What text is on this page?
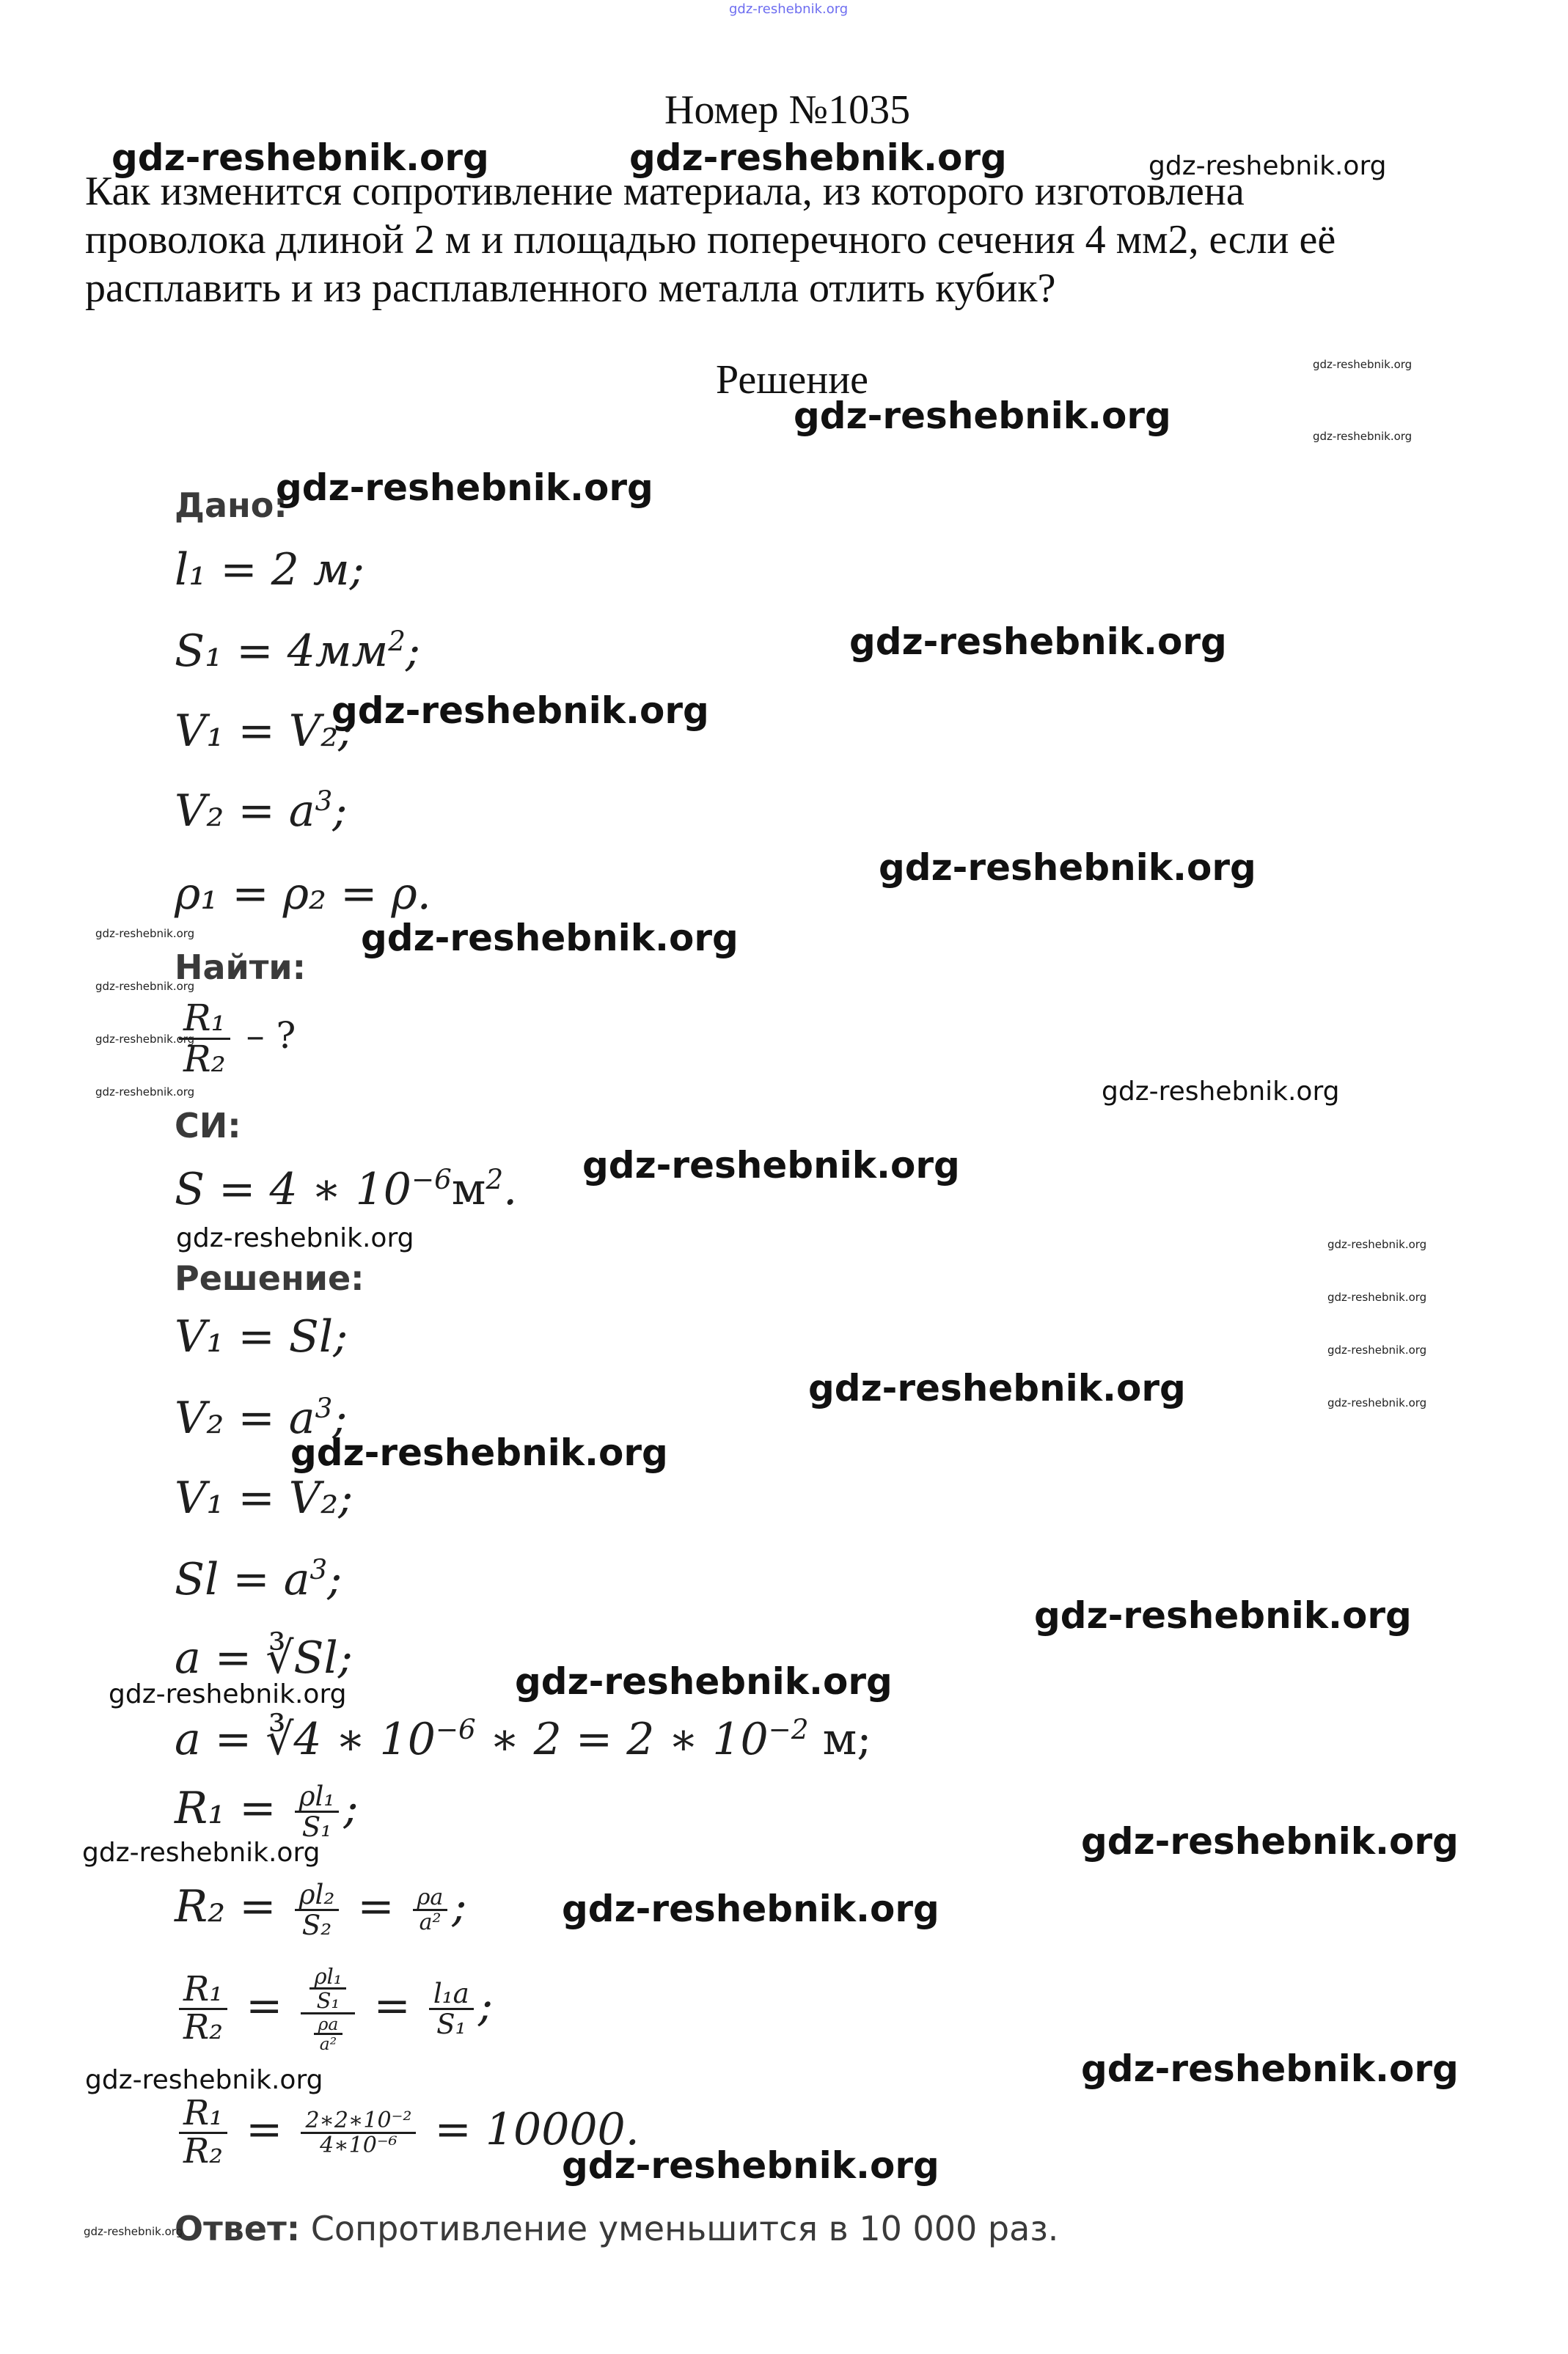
gdz-reshebnik.org
Номер №1035
Как изменится сопротивление материала, из которого изготовлена
проволока длиной 2 м и площадью поперечного сечения 4 мм2, если её
расплавить и из расплавленного металла отлить кубик?
Решение
Дано:
l₁ = 2 м;
$S_1 = 4мм^2$;
V₁ = V₂;
$V_2 = a^3$;
ρ₁ = ρ₂ = ρ.
Найти:
$\frac{\text{R₁}}{\text{R₂}}$ – ?
СИ:
S = 4 ∗ $10^{-6}м^2$.
Решение:
V₁ = Sl;
$V_2 = a^3$;
V₁ = V₂;
$Sl = a^3$;
a = ∛Sl;
a = ∛4 ∗ $10^{-6}$ ∗ 2 = 2 ∗ $10^{-2}$ м;
$R_1 = \frac{\text{ρl₁}}{\text{S₁}}$ ;
$R_2 = \frac{\text{ρl₂}}{\text{S₂}} = \frac{\rho a}{\text{a²}}$ ;
$\frac{\text{R₁}}{\text{R₂}} = \frac{\frac{\text{ρl₁}}{\text{S₁}}}{\frac{\rho a}{\text{a²}}} = \frac{\text{l₁a}}{\text{S₁}}$ ;
$\frac{\text{R₁}}{\text{R₂}} = \frac{\text{2∗2∗10⁻²}}{\text{4∗10⁻⁶}} = 10000$.
Ответ: Сопротивление уменьшится в 10 000 раз.
gdz-reshebnik.org	gdz-reshebnik.org
gdz-reshebnik.org
gdz-reshebnik.org
gdz-reshebnik.org
gdz-reshebnik.org
gdz-reshebnik.org
gdz-reshebnik.org
gdz-reshebnik.org
gdz-reshebnik.org
gdz-reshebnik.org
gdz-reshebnik.org
gdz-reshebnik.org
gdz-reshebnik.org
gdz-reshebnik.org
gdz-reshebnik.org
gdz-reshebnik.org
gdz-reshebnik.org
gdz-reshebnik.org
gdz-reshebnik.org
gdz-reshebnik.org
gdz-reshebnik.org
gdz-reshebnik.org
gdz-reshebnik.org
gdz-reshebnik.org
gdz-reshebnik.org
gdz-reshebnik.org
gdz-reshebnik.org
gdz-reshebnik.org
gdz-reshebnik.org
gdz-reshebnik.org
gdz-reshebnik.org
gdz-reshebnik.org
gdz-reshebnik.org
